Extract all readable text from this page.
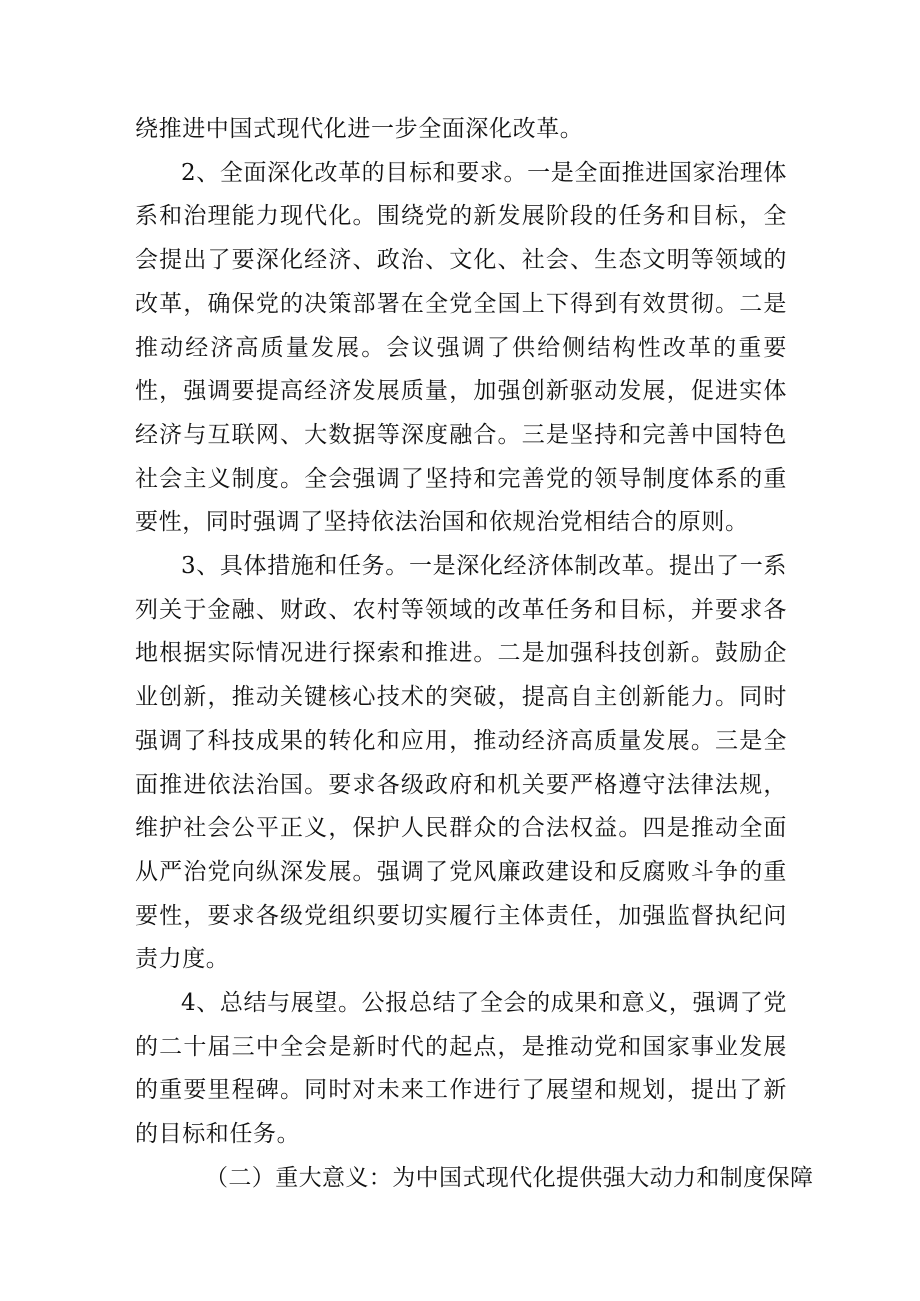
绕推进中国式现代化进一步全面深化改革。

2、全面深化改革的目标和要求。一是全面推进国家治理体系和治理能力现代化。围绕党的新发展阶段的任务和目标，全会提出了要深化经济、政治、文化、社会、生态文明等领域的改革，确保党的决策部署在全党全国上下得到有效贯彻。二是推动经济高质量发展。会议强调了供给侧结构性改革的重要性，强调要提高经济发展质量，加强创新驱动发展，促进实体经济与互联网、大数据等深度融合。三是坚持和完善中国特色社会主义制度。全会强调了坚持和完善党的领导制度体系的重要性，同时强调了坚持依法治国和依规治党相结合的原则。

3、具体措施和任务。一是深化经济体制改革。提出了一系列关于金融、财政、农村等领域的改革任务和目标，并要求各地根据实际情况进行探索和推进。二是加强科技创新。鼓励企业创新，推动关键核心技术的突破，提高自主创新能力。同时强调了科技成果的转化和应用，推动经济高质量发展。三是全面推进依法治国。要求各级政府和机关要严格遵守法律法规，维护社会公平正义，保护人民群众的合法权益。四是推动全面从严治党向纵深发展。强调了党风廉政建设和反腐败斗争的重要性，要求各级党组织要切实履行主体责任，加强监督执纪问责力度。

4、总结与展望。公报总结了全会的成果和意义，强调了党的二十届三中全会是新时代的起点，是推动党和国家事业发展的重要里程碑。同时对未来工作进行了展望和规划，提出了新的目标和任务。

（二）重大意义：为中国式现代化提供强大动力和制度保障
